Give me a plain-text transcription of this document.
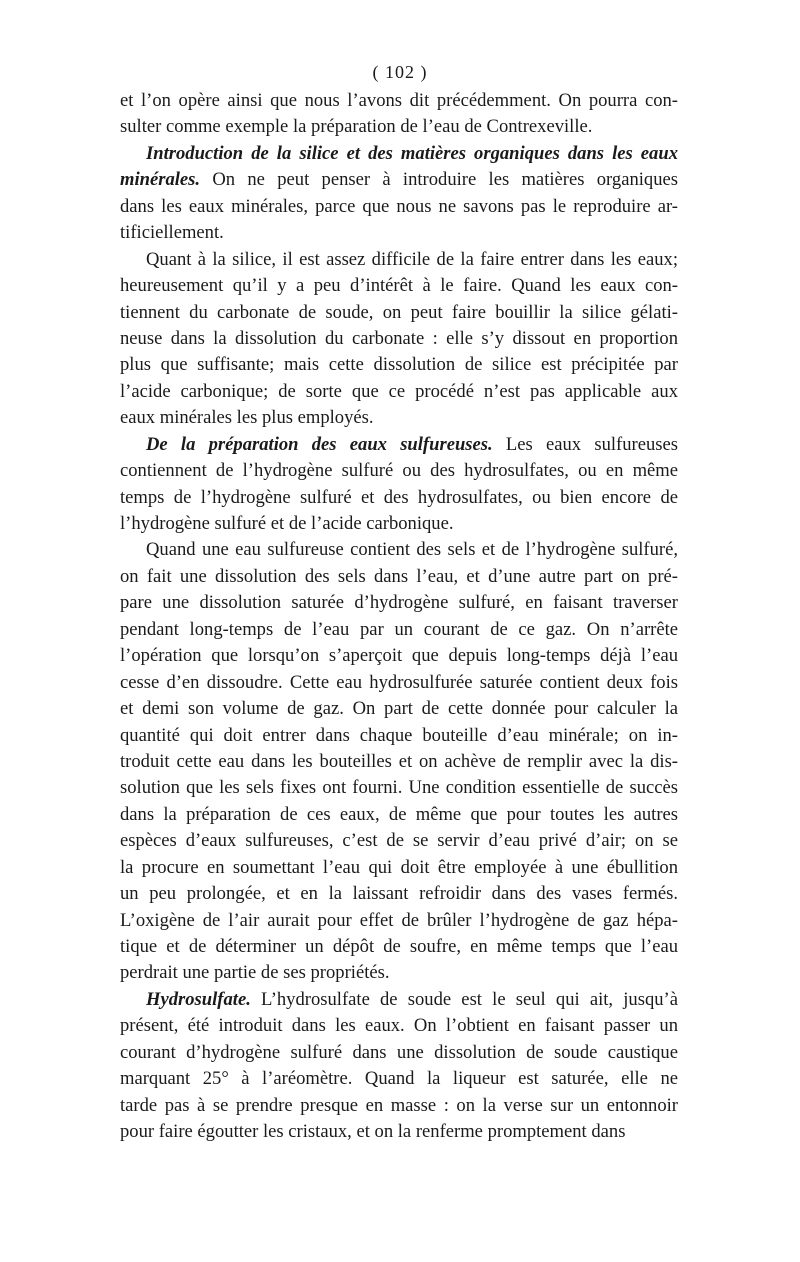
( 102 )
et l’on opère ainsi que nous l’avons dit précédemment. On pourra con-
sulter comme exemple la préparation de l’eau de Contrexeville.
Introduction de la silice et des matières organiques dans les eaux
minérales. On ne peut penser à introduire les matières organiques
dans les eaux minérales, parce que nous ne savons pas le reproduire ar-
tificiellement.
Quant à la silice, il est assez difficile de la faire entrer dans les eaux;
heureusement qu’il y a peu d’intérêt à le faire. Quand les eaux con-
tiennent du carbonate de soude, on peut faire bouillir la silice gélati-
neuse dans la dissolution du carbonate : elle s’y dissout en proportion
plus que suffisante; mais cette dissolution de silice est précipitée par
l’acide carbonique; de sorte que ce procédé n’est pas applicable aux
eaux minérales les plus employés.
De la préparation des eaux sulfureuses. Les eaux sulfureuses
contiennent de l’hydrogène sulfuré ou des hydrosulfates, ou en même
temps de l’hydrogène sulfuré et des hydrosulfates, ou bien encore de
l’hydrogène sulfuré et de l’acide carbonique.
Quand une eau sulfureuse contient des sels et de l’hydrogène sulfuré,
on fait une dissolution des sels dans l’eau, et d’une autre part on pré-
pare une dissolution saturée d’hydrogène sulfuré, en faisant traverser
pendant long-temps de l’eau par un courant de ce gaz. On n’arrête
l’opération que lorsqu’on s’aperçoit que depuis long-temps déjà l’eau
cesse d’en dissoudre. Cette eau hydrosulfurée saturée contient deux fois
et demi son volume de gaz. On part de cette donnée pour calculer la
quantité qui doit entrer dans chaque bouteille d’eau minérale; on in-
troduit cette eau dans les bouteilles et on achève de remplir avec la dis-
solution que les sels fixes ont fourni. Une condition essentielle de succès
dans la préparation de ces eaux, de même que pour toutes les autres
espèces d’eaux sulfureuses, c’est de se servir d’eau privé d’air; on se
la procure en soumettant l’eau qui doit être employée à une ébullition
un peu prolongée, et en la laissant refroidir dans des vases fermés.
L’oxigène de l’air aurait pour effet de brûler l’hydrogène de gaz hépa-
tique et de déterminer un dépôt de soufre, en même temps que l’eau
perdrait une partie de ses propriétés.
Hydrosulfate. L’hydrosulfate de soude est le seul qui ait, jusqu’à
présent, été introduit dans les eaux. On l’obtient en faisant passer un
courant d’hydrogène sulfuré dans une dissolution de soude caustique
marquant 25° à l’aréomètre. Quand la liqueur est saturée, elle ne
tarde pas à se prendre presque en masse : on la verse sur un entonnoir
pour faire égoutter les cristaux, et on la renferme promptement dans
